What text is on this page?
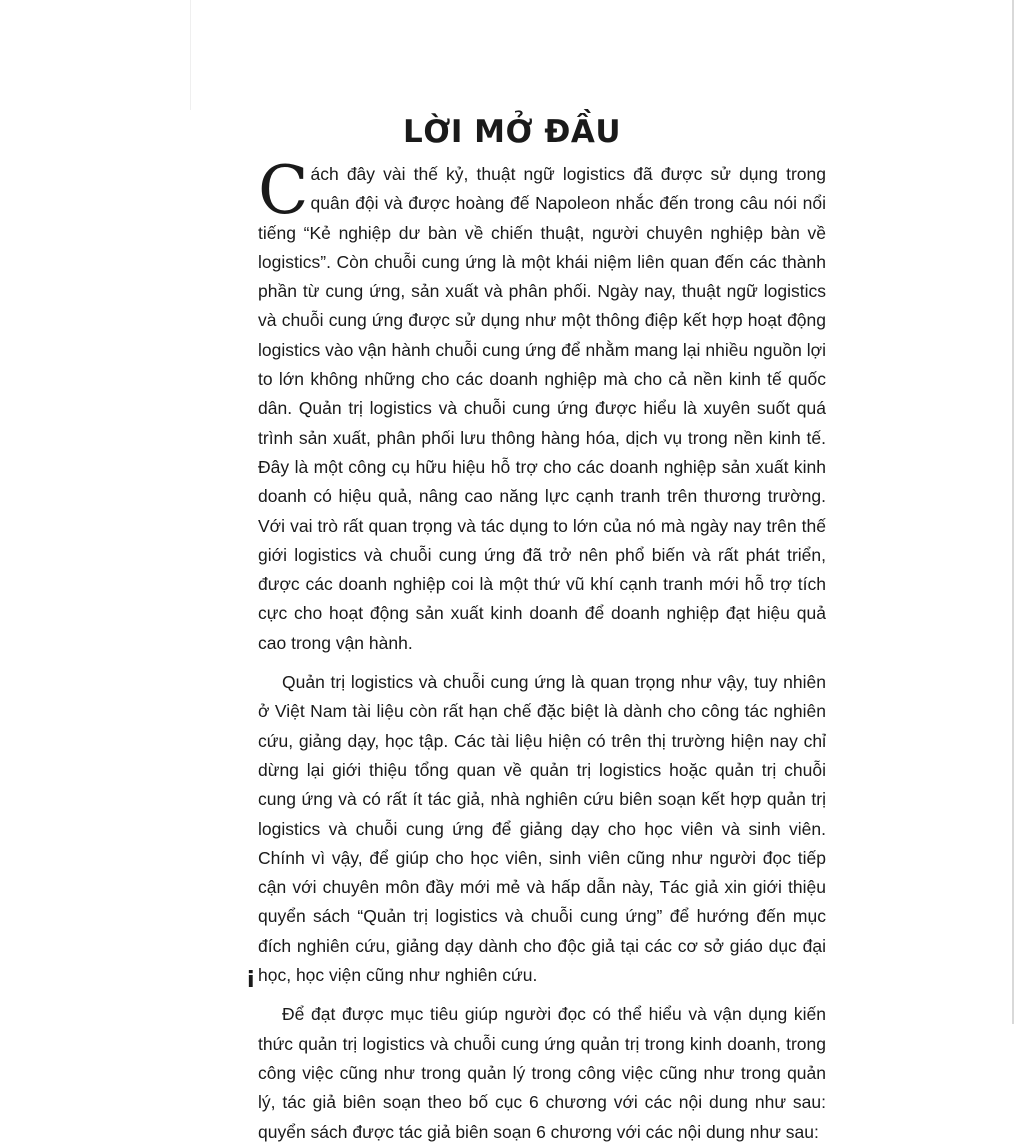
LỜI MỞ ĐẦU

Cách đây vài thế kỷ, thuật ngữ logistics đã được sử dụng trong quân đội và được hoàng đế Napoleon nhắc đến trong câu nói nổi tiếng “Kẻ nghiệp dư bàn về chiến thuật, người chuyên nghiệp bàn về logistics”. Còn chuỗi cung ứng là một khái niệm liên quan đến các thành phần từ cung ứng, sản xuất và phân phối. Ngày nay, thuật ngữ logistics và chuỗi cung ứng được sử dụng như một thông điệp kết hợp hoạt động logistics vào vận hành chuỗi cung ứng để nhằm mang lại nhiều nguồn lợi to lớn không những cho các doanh nghiệp mà cho cả nền kinh tế quốc dân. Quản trị logistics và chuỗi cung ứng được hiểu là xuyên suốt quá trình sản xuất, phân phối lưu thông hàng hóa, dịch vụ trong nền kinh tế. Đây là một công cụ hữu hiệu hỗ trợ cho các doanh nghiệp sản xuất kinh doanh có hiệu quả, nâng cao năng lực cạnh tranh trên thương trường. Với vai trò rất quan trọng và tác dụng to lớn của nó mà ngày nay trên thế giới logistics và chuỗi cung ứng đã trở nên phổ biến và rất phát triển, được các doanh nghiệp coi là một thứ vũ khí cạnh tranh mới hỗ trợ tích cực cho hoạt động sản xuất kinh doanh để doanh nghiệp đạt hiệu quả cao trong vận hành.

Quản trị logistics và chuỗi cung ứng là quan trọng như vậy, tuy nhiên ở Việt Nam tài liệu còn rất hạn chế đặc biệt là dành cho công tác nghiên cứu, giảng dạy, học tập. Các tài liệu hiện có trên thị trường hiện nay chỉ dừng lại giới thiệu tổng quan về quản trị logistics hoặc quản trị chuỗi cung ứng và có rất ít tác giả, nhà nghiên cứu biên soạn kết hợp quản trị logistics và chuỗi cung ứng để giảng dạy cho học viên và sinh viên. Chính vì vậy, để giúp cho học viên, sinh viên cũng như người đọc tiếp cận với chuyên môn đầy mới mẻ và hấp dẫn này, Tác giả xin giới thiệu quyển sách “Quản trị logistics và chuỗi cung ứng” để hướng đến mục đích nghiên cứu, giảng dạy dành cho độc giả tại các cơ sở giáo dục đại học, học viện cũng như nghiên cứu.

Để đạt được mục tiêu giúp người đọc có thể hiểu và vận dụng kiến thức quản trị logistics và chuỗi cung ứng quản trị trong kinh doanh, trong công việc cũng như trong quản lý trong công việc cũng như trong quản lý, tác giả biên soạn theo bố cục 6 chương với các nội dung như sau: quyển sách được tác giả biên soạn 6 chương với các nội dung như sau:

i
